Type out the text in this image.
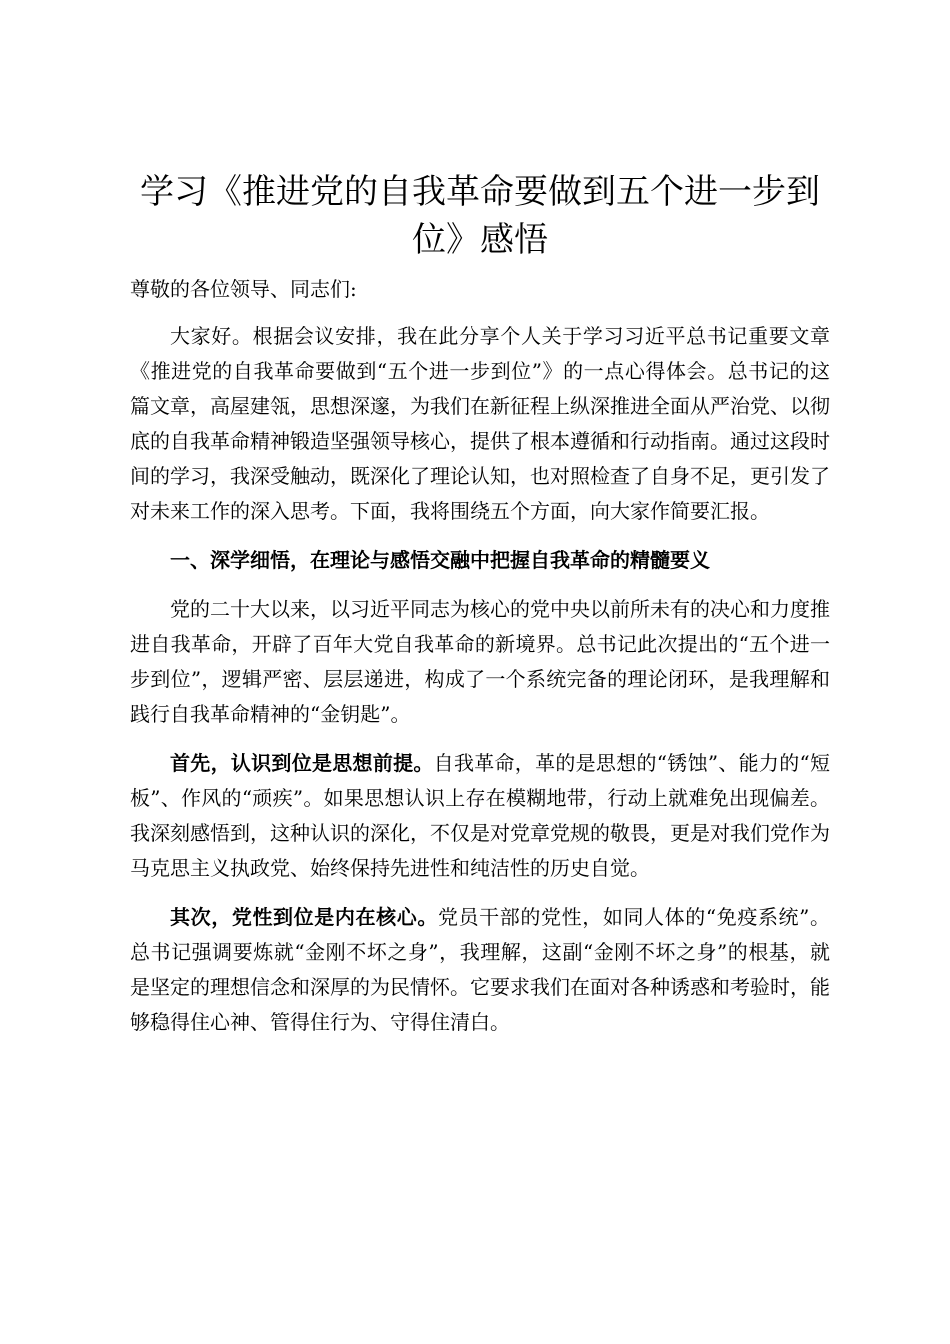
学习《推进党的自我革命要做到五个进一步到位》感悟
尊敬的各位领导、同志们:

大家好。根据会议安排，我在此分享个人关于学习习近平总书记重要文章《推进党的自我革命要做到“五个进一步到位”》的一点心得体会。总书记的这篇文章，高屋建瓴，思想深邃，为我们在新征程上纵深推进全面从严治党、以彻底的自我革命精神锻造坚强领导核心，提供了根本遵循和行动指南。通过这段时间的学习，我深受触动，既深化了理论认知，也对照检查了自身不足，更引发了对未来工作的深入思考。下面，我将围绕五个方面，向大家作简要汇报。

一、深学细悟，在理论与感悟交融中把握自我革命的精髓要义

党的二十大以来，以习近平同志为核心的党中央以前所未有的决心和力度推进自我革命，开辟了百年大党自我革命的新境界。总书记此次提出的“五个进一步到位”，逻辑严密、层层递进，构成了一个系统完备的理论闭环，是我理解和践行自我革命精神的“金钥匙”。

首先，认识到位是思想前提。自我革命，革的是思想的“锈蚀”、能力的“短板”、作风的“顽疾”。如果思想认识上存在模糊地带，行动上就难免出现偏差。我深刻感悟到，这种认识的深化，不仅是对党章党规的敬畏，更是对我们党作为马克思主义执政党、始终保持先进性和纯洁性的历史自觉。

其次，党性到位是内在核心。党员干部的党性，如同人体的“免疫系统”。总书记强调要炼就“金刚不坏之身”，我理解，这副“金刚不坏之身”的根基，就是坚定的理想信念和深厚的为民情怀。它要求我们在面对各种诱惑和考验时，能够稳得住心神、管得住行为、守得住清白。
